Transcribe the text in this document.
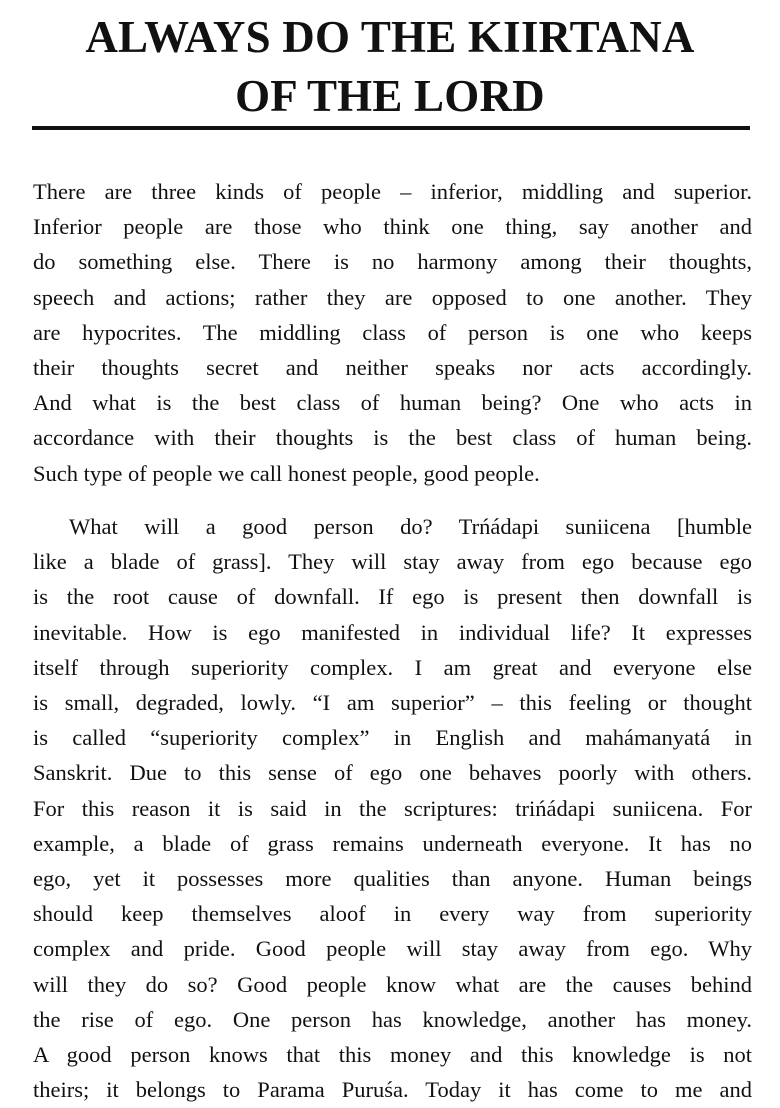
ALWAYS DO THE KIIRTANA
OF THE LORD
There are three kinds of people – inferior, middling and superior.
Inferior people are those who think one thing, say another and
do something else. There is no harmony among their thoughts,
speech and actions; rather they are opposed to one another. They
are hypocrites. The middling class of person is one who keeps
their thoughts secret and neither speaks nor acts accordingly.
And what is the best class of human being? One who acts in
accordance with their thoughts is the best class of human being.
Such type of people we call honest people, good people.
What will a good person do? Trńádapi suniicena [humble
like a blade of grass]. They will stay away from ego because ego
is the root cause of downfall. If ego is present then downfall is
inevitable. How is ego manifested in individual life? It expresses
itself through superiority complex. I am great and everyone else
is small, degraded, lowly. “I am superior” – this feeling or thought
is called “superiority complex” in English and mahámanyatá in
Sanskrit. Due to this sense of ego one behaves poorly with others.
For this reason it is said in the scriptures: trińádapi suniicena. For
example, a blade of grass remains underneath everyone. It has no
ego, yet it possesses more qualities than anyone. Human beings
should keep themselves aloof in every way from superiority
complex and pride. Good people will stay away from ego. Why
will they do so? Good people know what are the causes behind
the rise of ego. One person has knowledge, another has money.
A good person knows that this money and this knowledge is not
theirs; it belongs to Parama Puruśa. Today it has come to me and
